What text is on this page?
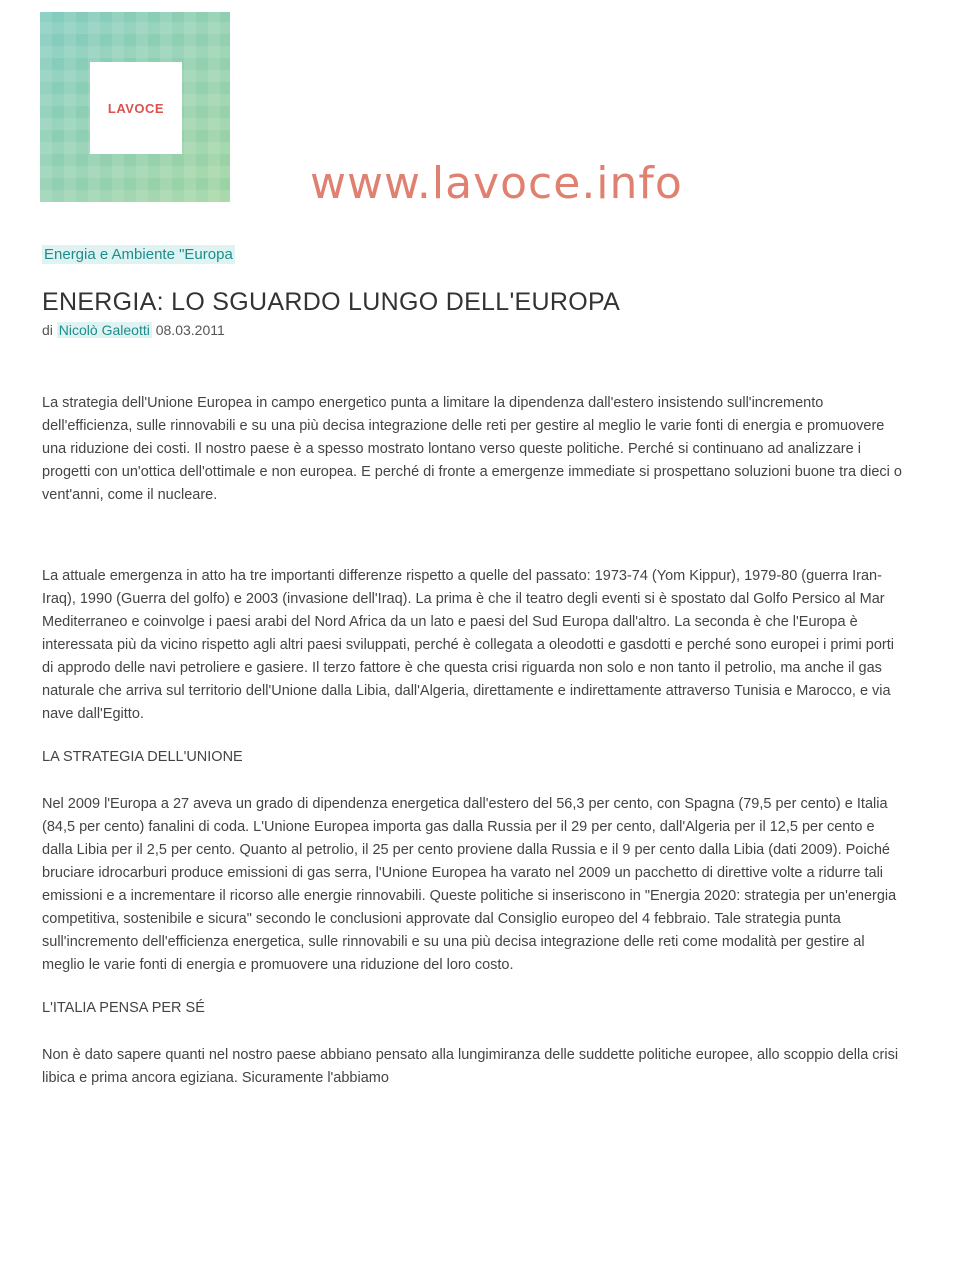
LAVOCE
www.lavoce.info
Energia e Ambiente "Europa
ENERGIA: LO SGUARDO LUNGO DELL'EUROPA
di Nicolò Galeotti 08.03.2011

La strategia dell'Unione Europea in campo energetico punta a limitare la dipendenza dall'estero insistendo sull'incremento dell'efficienza, sulle rinnovabili e su una più decisa integrazione delle reti per gestire al meglio le varie fonti di energia e promuovere una riduzione dei costi. Il nostro paese è a spesso mostrato lontano verso queste politiche. Perché si continuano ad analizzare i progetti con un'ottica dell'ottimale e non europea. E perché di fronte a emergenze immediate si prospettano soluzioni buone tra dieci o vent'anni, come il nucleare.

La attuale emergenza in atto ha tre importanti differenze rispetto a quelle del passato: 1973-74 (Yom Kippur), 1979-80 (guerra Iran-Iraq), 1990 (Guerra del golfo) e 2003 (invasione dell'Iraq). La prima è che il teatro degli eventi si è spostato dal Golfo Persico al Mar Mediterraneo e coinvolge i paesi arabi del Nord Africa da un lato e paesi del Sud Europa dall'altro. La seconda è che l'Europa è interessata più da vicino rispetto agli altri paesi sviluppati, perché è collegata a oleodotti e gasdotti e perché sono europei i primi porti di approdo delle navi petroliere e gasiere. Il terzo fattore è che questa crisi riguarda non solo e non tanto il petrolio, ma anche il gas naturale che arriva sul territorio dell'Unione dalla Libia, dall'Algeria, direttamente e indirettamente attraverso Tunisia e Marocco, e via nave dall'Egitto.

LA STRATEGIA DELL'UNIONE

Nel 2009 l'Europa a 27 aveva un grado di dipendenza energetica dall'estero del 56,3 per cento, con Spagna (79,5 per cento) e Italia (84,5 per cento) fanalini di coda. L'Unione Europea importa gas dalla Russia per il 29 per cento, dall'Algeria per il 12,5 per cento e dalla Libia per il 2,5 per cento. Quanto al petrolio, il 25 per cento proviene dalla Russia e il 9 per cento dalla Libia (dati 2009). Poiché bruciare idrocarburi produce emissioni di gas serra, l'Unione Europea ha varato nel 2009 un pacchetto di direttive volte a ridurre tali emissioni e a incrementare il ricorso alle energie rinnovabili. Queste politiche si inseriscono in "Energia 2020: strategia per un'energia competitiva, sostenibile e sicura" secondo le conclusioni approvate dal Consiglio europeo del 4 febbraio. Tale strategia punta sull'incremento dell'efficienza energetica, sulle rinnovabili e su una più decisa integrazione delle reti come modalità per gestire al meglio le varie fonti di energia e promuovere una riduzione del loro costo.

L'ITALIA PENSA PER SÉ

Non è dato sapere quanti nel nostro paese abbiano pensato alla lungimiranza delle suddette politiche europee, allo scoppio della crisi libica e prima ancora egiziana. Sicuramente l'abbiamo
